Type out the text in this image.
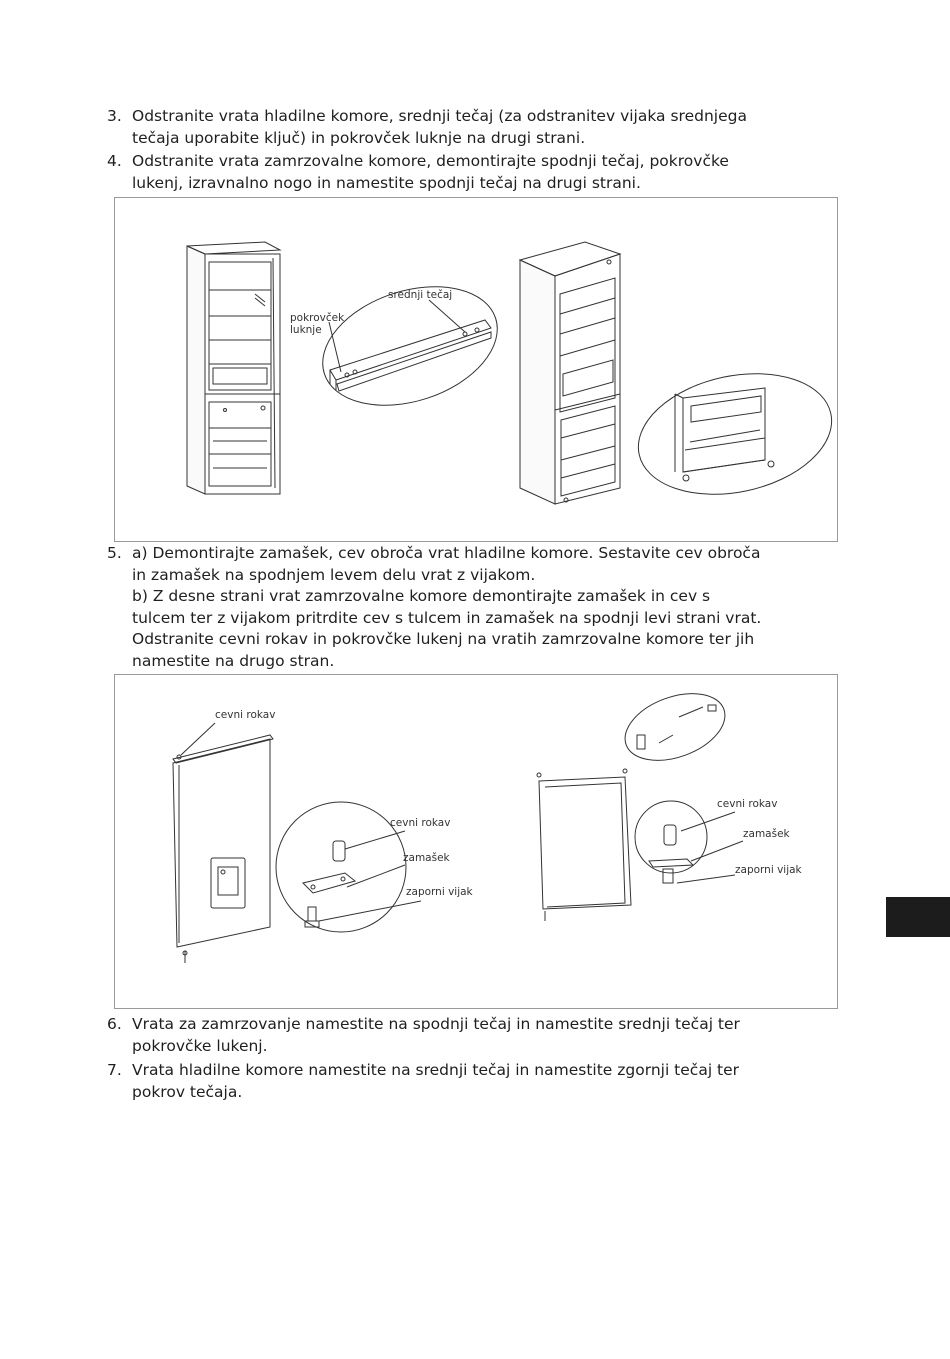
3. Odstranite vrata hladilne komore, srednji tečaj (za odstranitev vijaka srednjega
tečaja uporabite ključ) in pokrovček luknje na drugi strani.
4. Odstranite vrata zamrzovalne komore, demontirajte spodnji tečaj, pokrovčke
lukenj, izravnalno nogo in namestite spodnji tečaj na drugi strani.
pokrovček
luknje
srednji tečaj
5. a) Demontirajte zamašek, cev obroča vrat hladilne komore. Sestavite cev obroča
in zamašek na spodnjem levem delu vrat z vijakom.
b) Z desne strani vrat zamrzovalne komore demontirajte zamašek in cev s
tulcem ter z vijakom pritrdite cev s tulcem in zamašek na spodnji levi strani vrat.
Odstranite cevni rokav in pokrovčke lukenj na vratih zamrzovalne komore ter jih
namestite na drugo stran.
cevni rokav
cevni rokav
zamašek
zaporni vijak
cevni rokav
zamašek
zaporni vijak
6. Vrata za zamrzovanje namestite na spodnji tečaj in namestite srednji tečaj ter
pokrovčke lukenj.
7. Vrata hladilne komore namestite na srednji tečaj in namestite zgornji tečaj ter
pokrov tečaja.
